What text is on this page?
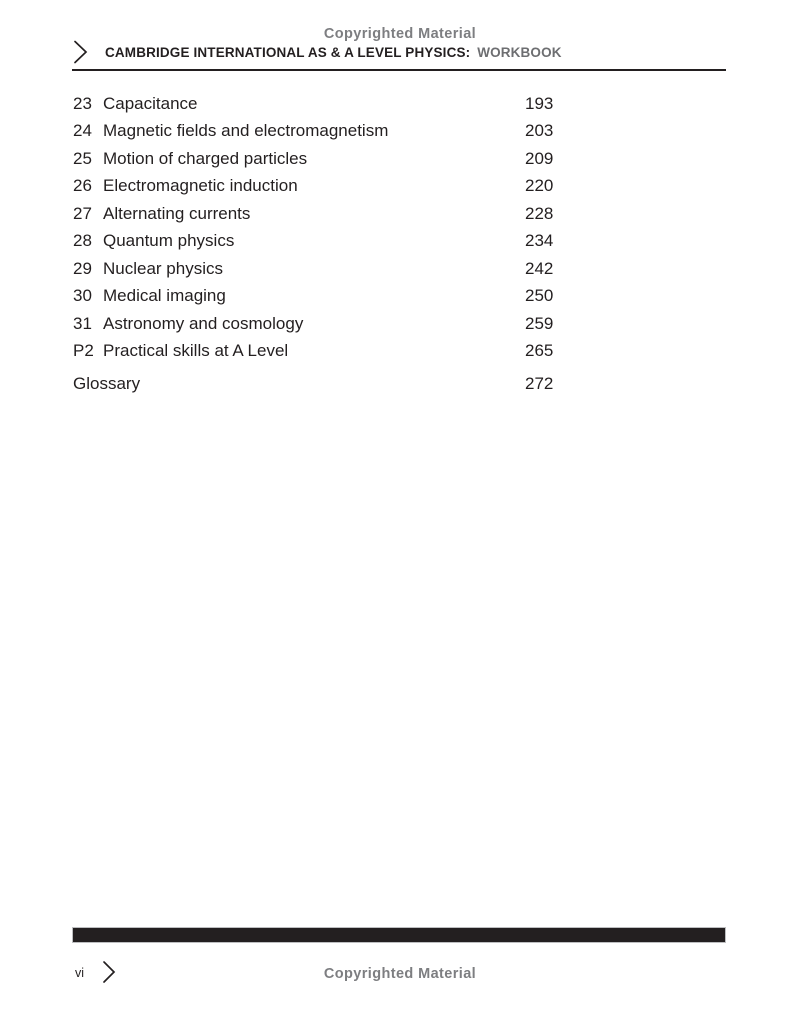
Copyrighted Material
CAMBRIDGE INTERNATIONAL AS & A LEVEL PHYSICS: WORKBOOK
23 Capacitance	193
24 Magnetic fields and electromagnetism	203
25 Motion of charged particles	209
26 Electromagnetic induction	220
27 Alternating currents	228
28 Quantum physics	234
29 Nuclear physics	242
30 Medical imaging	250
31 Astronomy and cosmology	259
P2 Practical skills at A Level	265
Glossary	272
vi	Copyrighted Material
